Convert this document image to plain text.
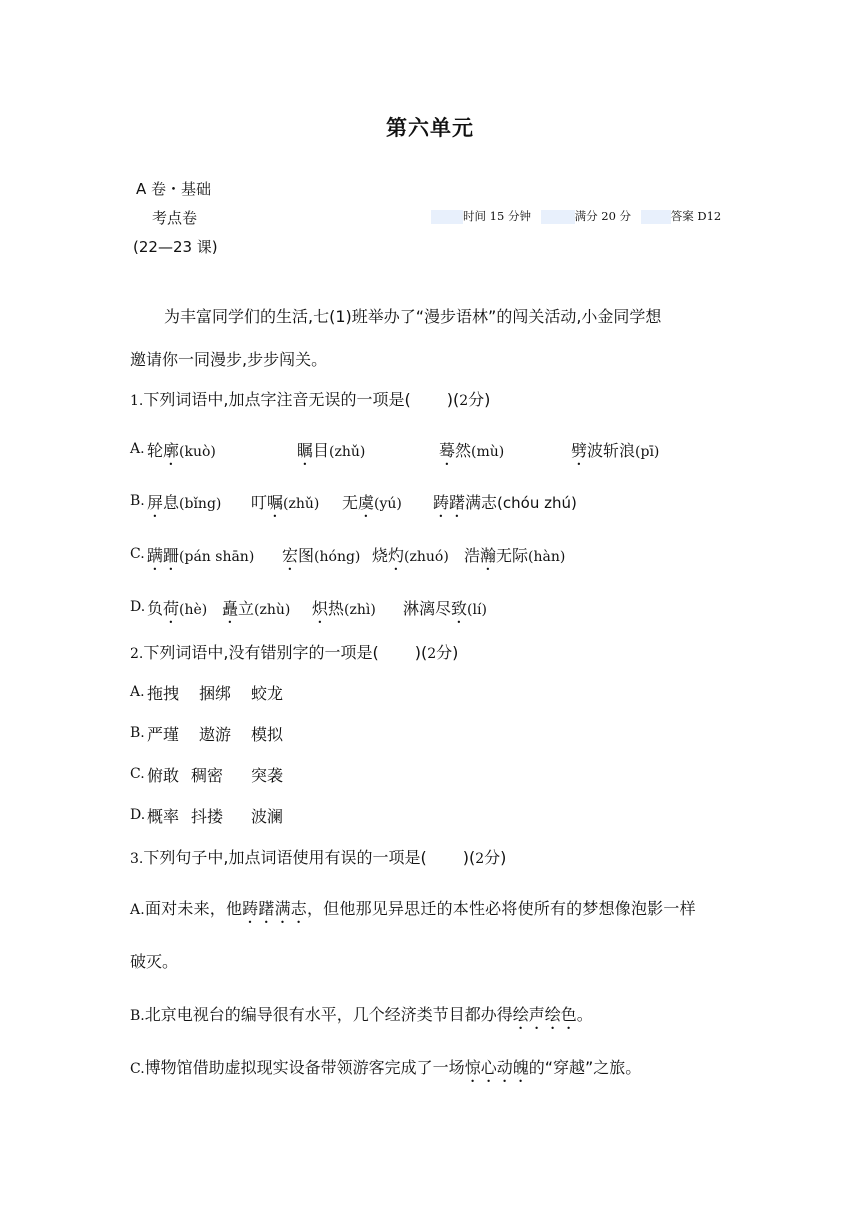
第六单元
A 卷・基础
考点卷
(22—23 课)
时间 15 分钟	满分 20 分	答案 D12
为丰富同学们的生活,七(1)班举办了“漫步语林”的闯关活动,小金同学想
邀请你一同漫步,步步闯关。
1.下列词语中,加点字注音无误的一项是( )(2分)
A. 轮廓(kuò)	瞩目(zhǔ)	蓦然(mù)	劈波斩浪(pī)
B. 屏息(bǐng) 叮嘱(zhǔ) 无虞(yú) 踌躇满志(chóu zhú)
C. 蹒跚(pán shān) 宏图(hóng) 烧灼(zhuó) 浩瀚无际(hàn)
D. 负荷(hè) 矗立(zhù) 炽热(zhì) 淋漓尽致(lí)
2.下列词语中,没有错别字的一项是( )(2分)
A. 拖拽 捆绑 蛟龙
B. 严瑾 遨游 模拟
C. 俯敢 稠密 突袭
D. 概率 抖搂 波澜
3.下列句子中,加点词语使用有误的一项是( )(2分)
A.面对未来，他踌躇满志，但他那见异思迁的本性必将使所有的梦想像泡影一样
破灭。
B.北京电视台的编导很有水平，几个经济类节目都办得绘声绘色。
C.博物馆借助虚拟现实设备带领游客完成了一场惊心动魄的“穿越”之旅。
